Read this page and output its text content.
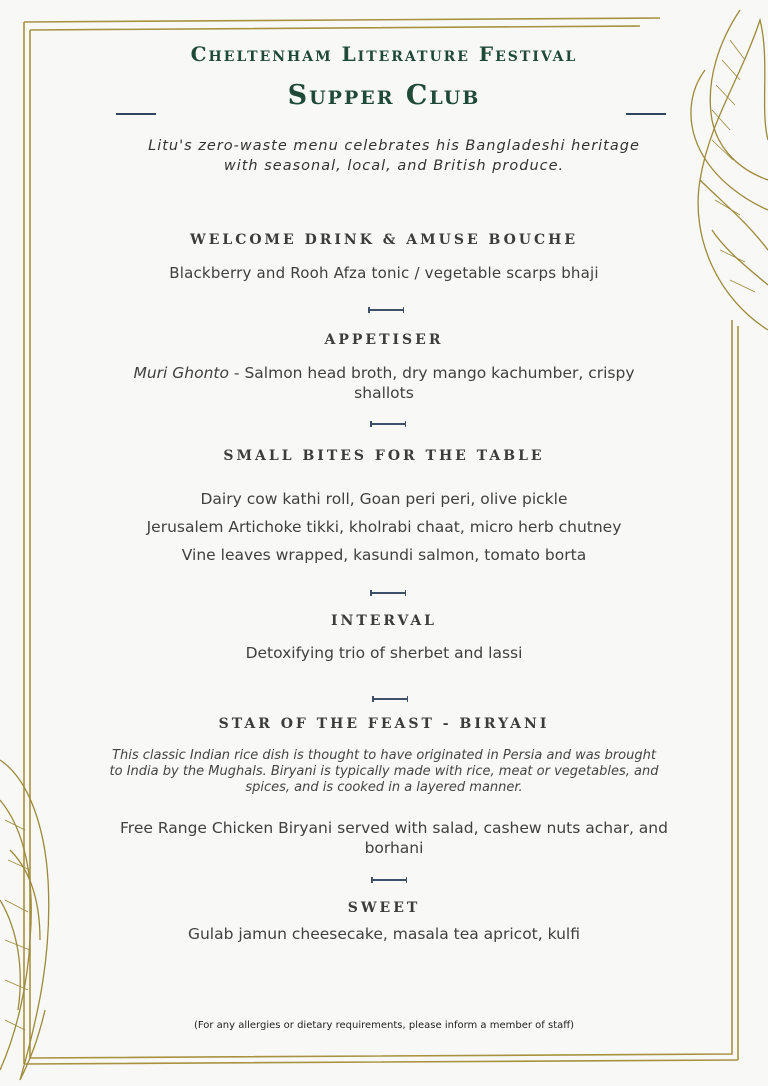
Cheltenham Literature Festival
Supper Club
Litu's zero-waste menu celebrates his Bangladeshi heritage
with seasonal, local, and British produce.
WELCOME DRINK & AMUSE BOUCHE
Blackberry and Rooh Afza tonic / vegetable scarps bhaji
APPETISER
Muri Ghonto - Salmon head broth, dry mango kachumber, crispy
shallots
SMALL BITES FOR THE TABLE
Dairy cow kathi roll, Goan peri peri, olive pickle
Jerusalem Artichoke tikki, kholrabi chaat, micro herb chutney
Vine leaves wrapped, kasundi salmon, tomato borta
INTERVAL
Detoxifying trio of sherbet and lassi
STAR OF THE FEAST - BIRYANI
This classic Indian rice dish is thought to have originated in Persia and was brought
to India by the Mughals. Biryani is typically made with rice, meat or vegetables, and
spices, and is cooked in a layered manner.
Free Range Chicken Biryani served with salad, cashew nuts achar, and
borhani
SWEET
Gulab jamun cheesecake, masala tea apricot, kulfi
(For any allergies or dietary requirements, please inform a member of staff)
